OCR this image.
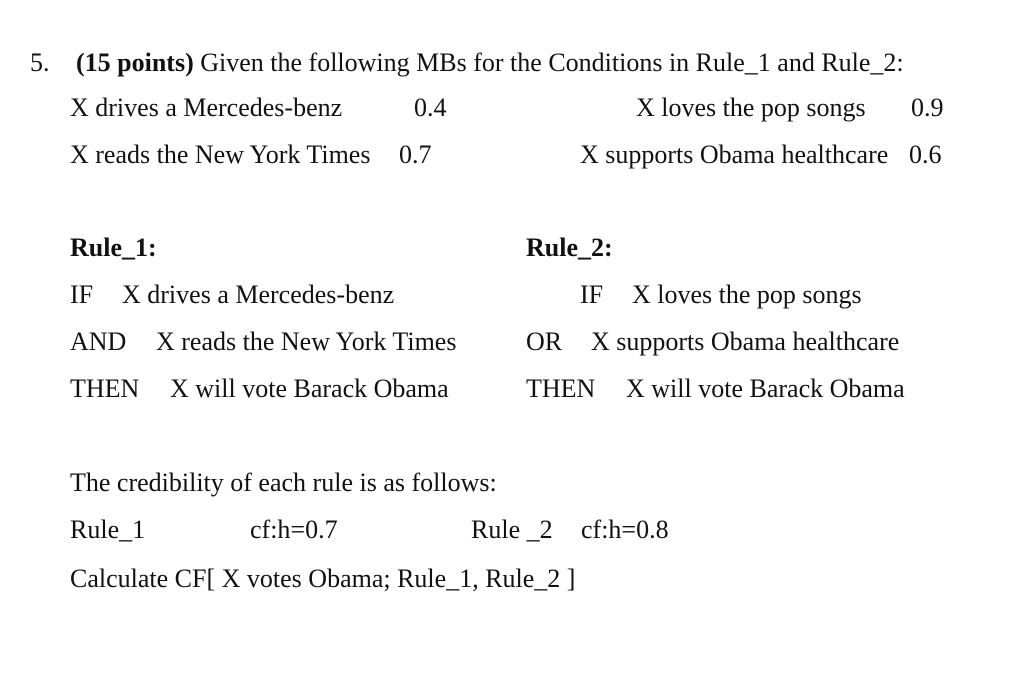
5. (15 points) Given the following MBs for the Conditions in Rule_1 and Rule_2:
X drives a Mercedes-benz	0.4	X loves the pop songs 0.9
X reads the New York Times 0.7	X supports Obama healthcare 0.6
Rule_1:
IF X drives a Mercedes-benz
AND X reads the New York Times
THEN X will vote Barack Obama
Rule_2:
IF X loves the pop songs
OR X supports Obama healthcare
THEN X will vote Barack Obama
The credibility of each rule is as follows:
Rule_1	cf:h=0.7	Rule _2 cf:h=0.8
Calculate CF[ X votes Obama; Rule_1, Rule_2 ]
